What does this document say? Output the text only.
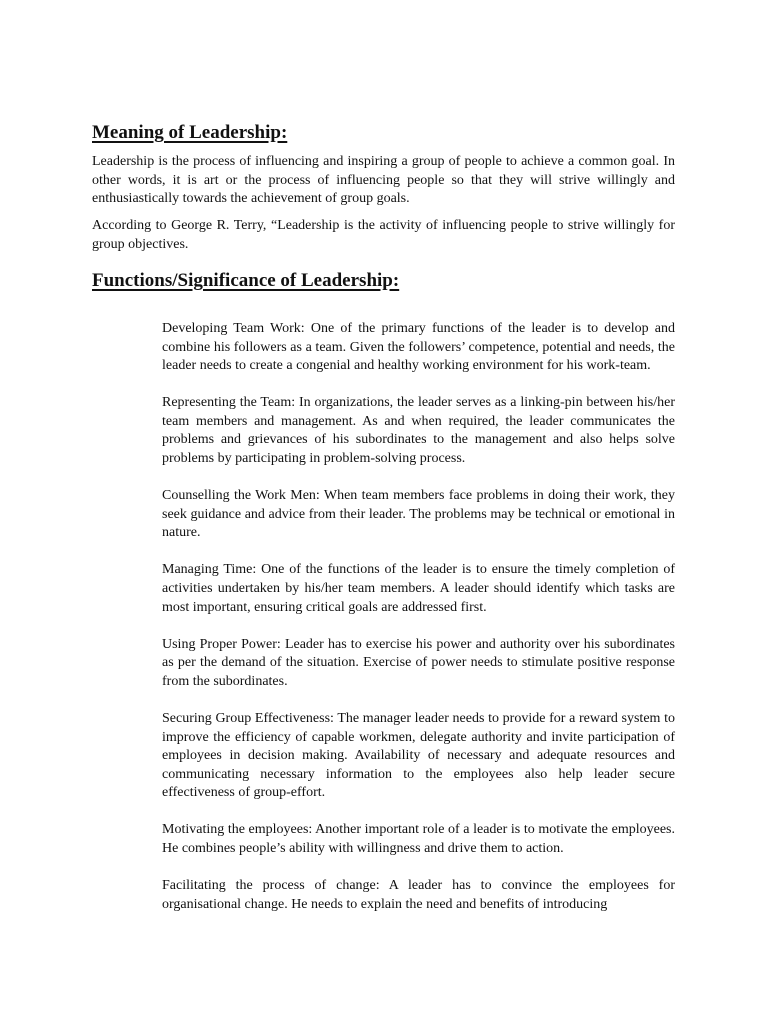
Meaning of Leadership:

Leadership is the process of influencing and inspiring a group of people to achieve a common goal. In other words, it is art or the process of influencing people so that they will strive willingly and enthusiastically towards the achievement of group goals.

According to George R. Terry, “Leadership is the activity of influencing people to strive willingly for group objectives.

Functions/Significance of Leadership:

Developing Team Work: One of the primary functions of the leader is to develop and combine his followers as a team. Given the followers’ competence, potential and needs, the leader needs to create a congenial and healthy working environment for his work-team.

Representing the Team: In organizations, the leader serves as a linking-pin between his/her team members and management. As and when required, the leader communicates the problems and grievances of his subordinates to the management and also helps solve problems by participating in problem-solving process.

Counselling the Work Men: When team members face problems in doing their work, they seek guidance and advice from their leader. The problems may be technical or emotional in nature.

Managing Time: One of the functions of the leader is to ensure the timely completion of activities undertaken by his/her team members. A leader should identify which tasks are most important, ensuring critical goals are addressed first.

Using Proper Power: Leader has to exercise his power and authority over his subordinates as per the demand of the situation. Exercise of power needs to stimulate positive response from the subordinates.

Securing Group Effectiveness: The manager leader needs to provide for a reward system to improve the efficiency of capable workmen, delegate authority and invite participation of employees in decision making. Availability of necessary and adequate resources and communicating necessary information to the employees also help leader secure effectiveness of group-effort.

Motivating the employees: Another important role of a leader is to motivate the employees. He combines people’s ability with willingness and drive them to action.

Facilitating the process of change: A leader has to convince the employees for organisational change. He needs to explain the need and benefits of introducing
